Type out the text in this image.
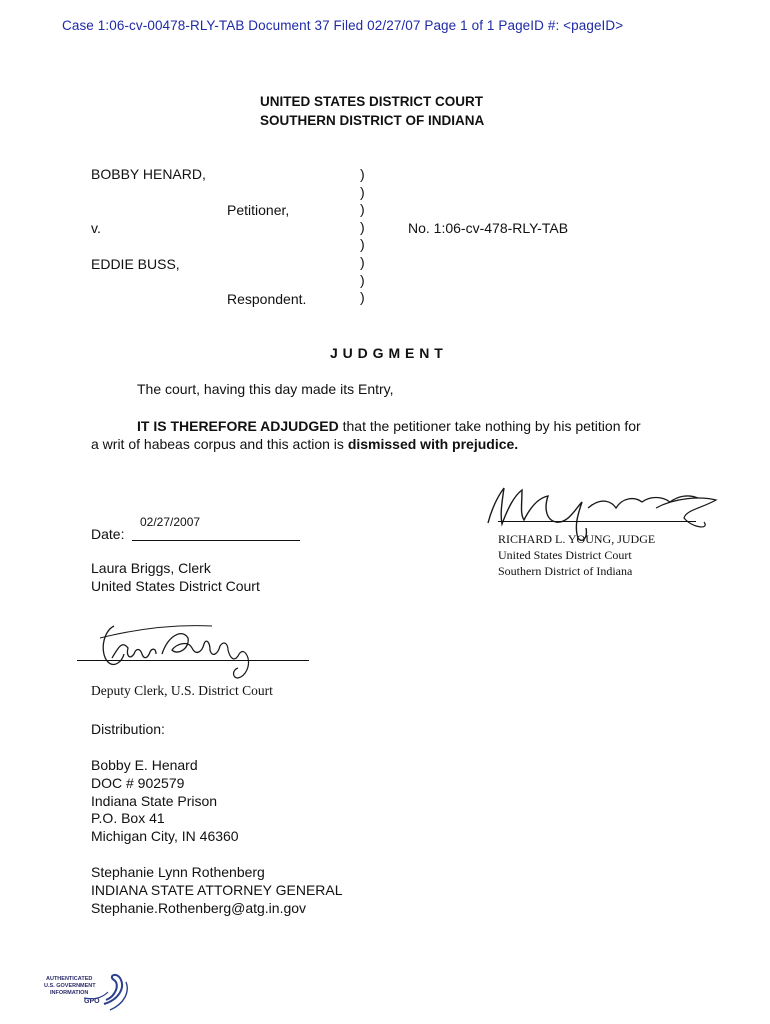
Case 1:06-cv-00478-RLY-TAB Document 37 Filed 02/27/07 Page 1 of 1 PageID #: <pageID>
UNITED STATES DISTRICT COURT
SOUTHERN DISTRICT OF INDIANA
BOBBY HENARD,
Petitioner,
v.
EDDIE BUSS,
Respondent.
)
)
)
)
)
)
)
)
No. 1:06-cv-478-RLY-TAB
J U D G M E N T
The court, having this day made its Entry,
IT IS THEREFORE ADJUDGED that the petitioner take nothing by his petition for
a writ of habeas corpus and this action is dismissed with prejudice.
RICHARD L. YOUNG, JUDGE
United States District Court
Southern District of Indiana
02/27/2007
Date:
Laura Briggs, Clerk
United States District Court
Deputy Clerk, U.S. District Court
Distribution:
Bobby E. Henard
DOC # 902579
Indiana State Prison
P.O. Box 41
Michigan City, IN 46360
Stephanie Lynn Rothenberg
INDIANA STATE ATTORNEY GENERAL
Stephanie.Rothenberg@atg.in.gov
AUTHENTICATED
U.S. GOVERNMENT
INFORMATION
GPO
